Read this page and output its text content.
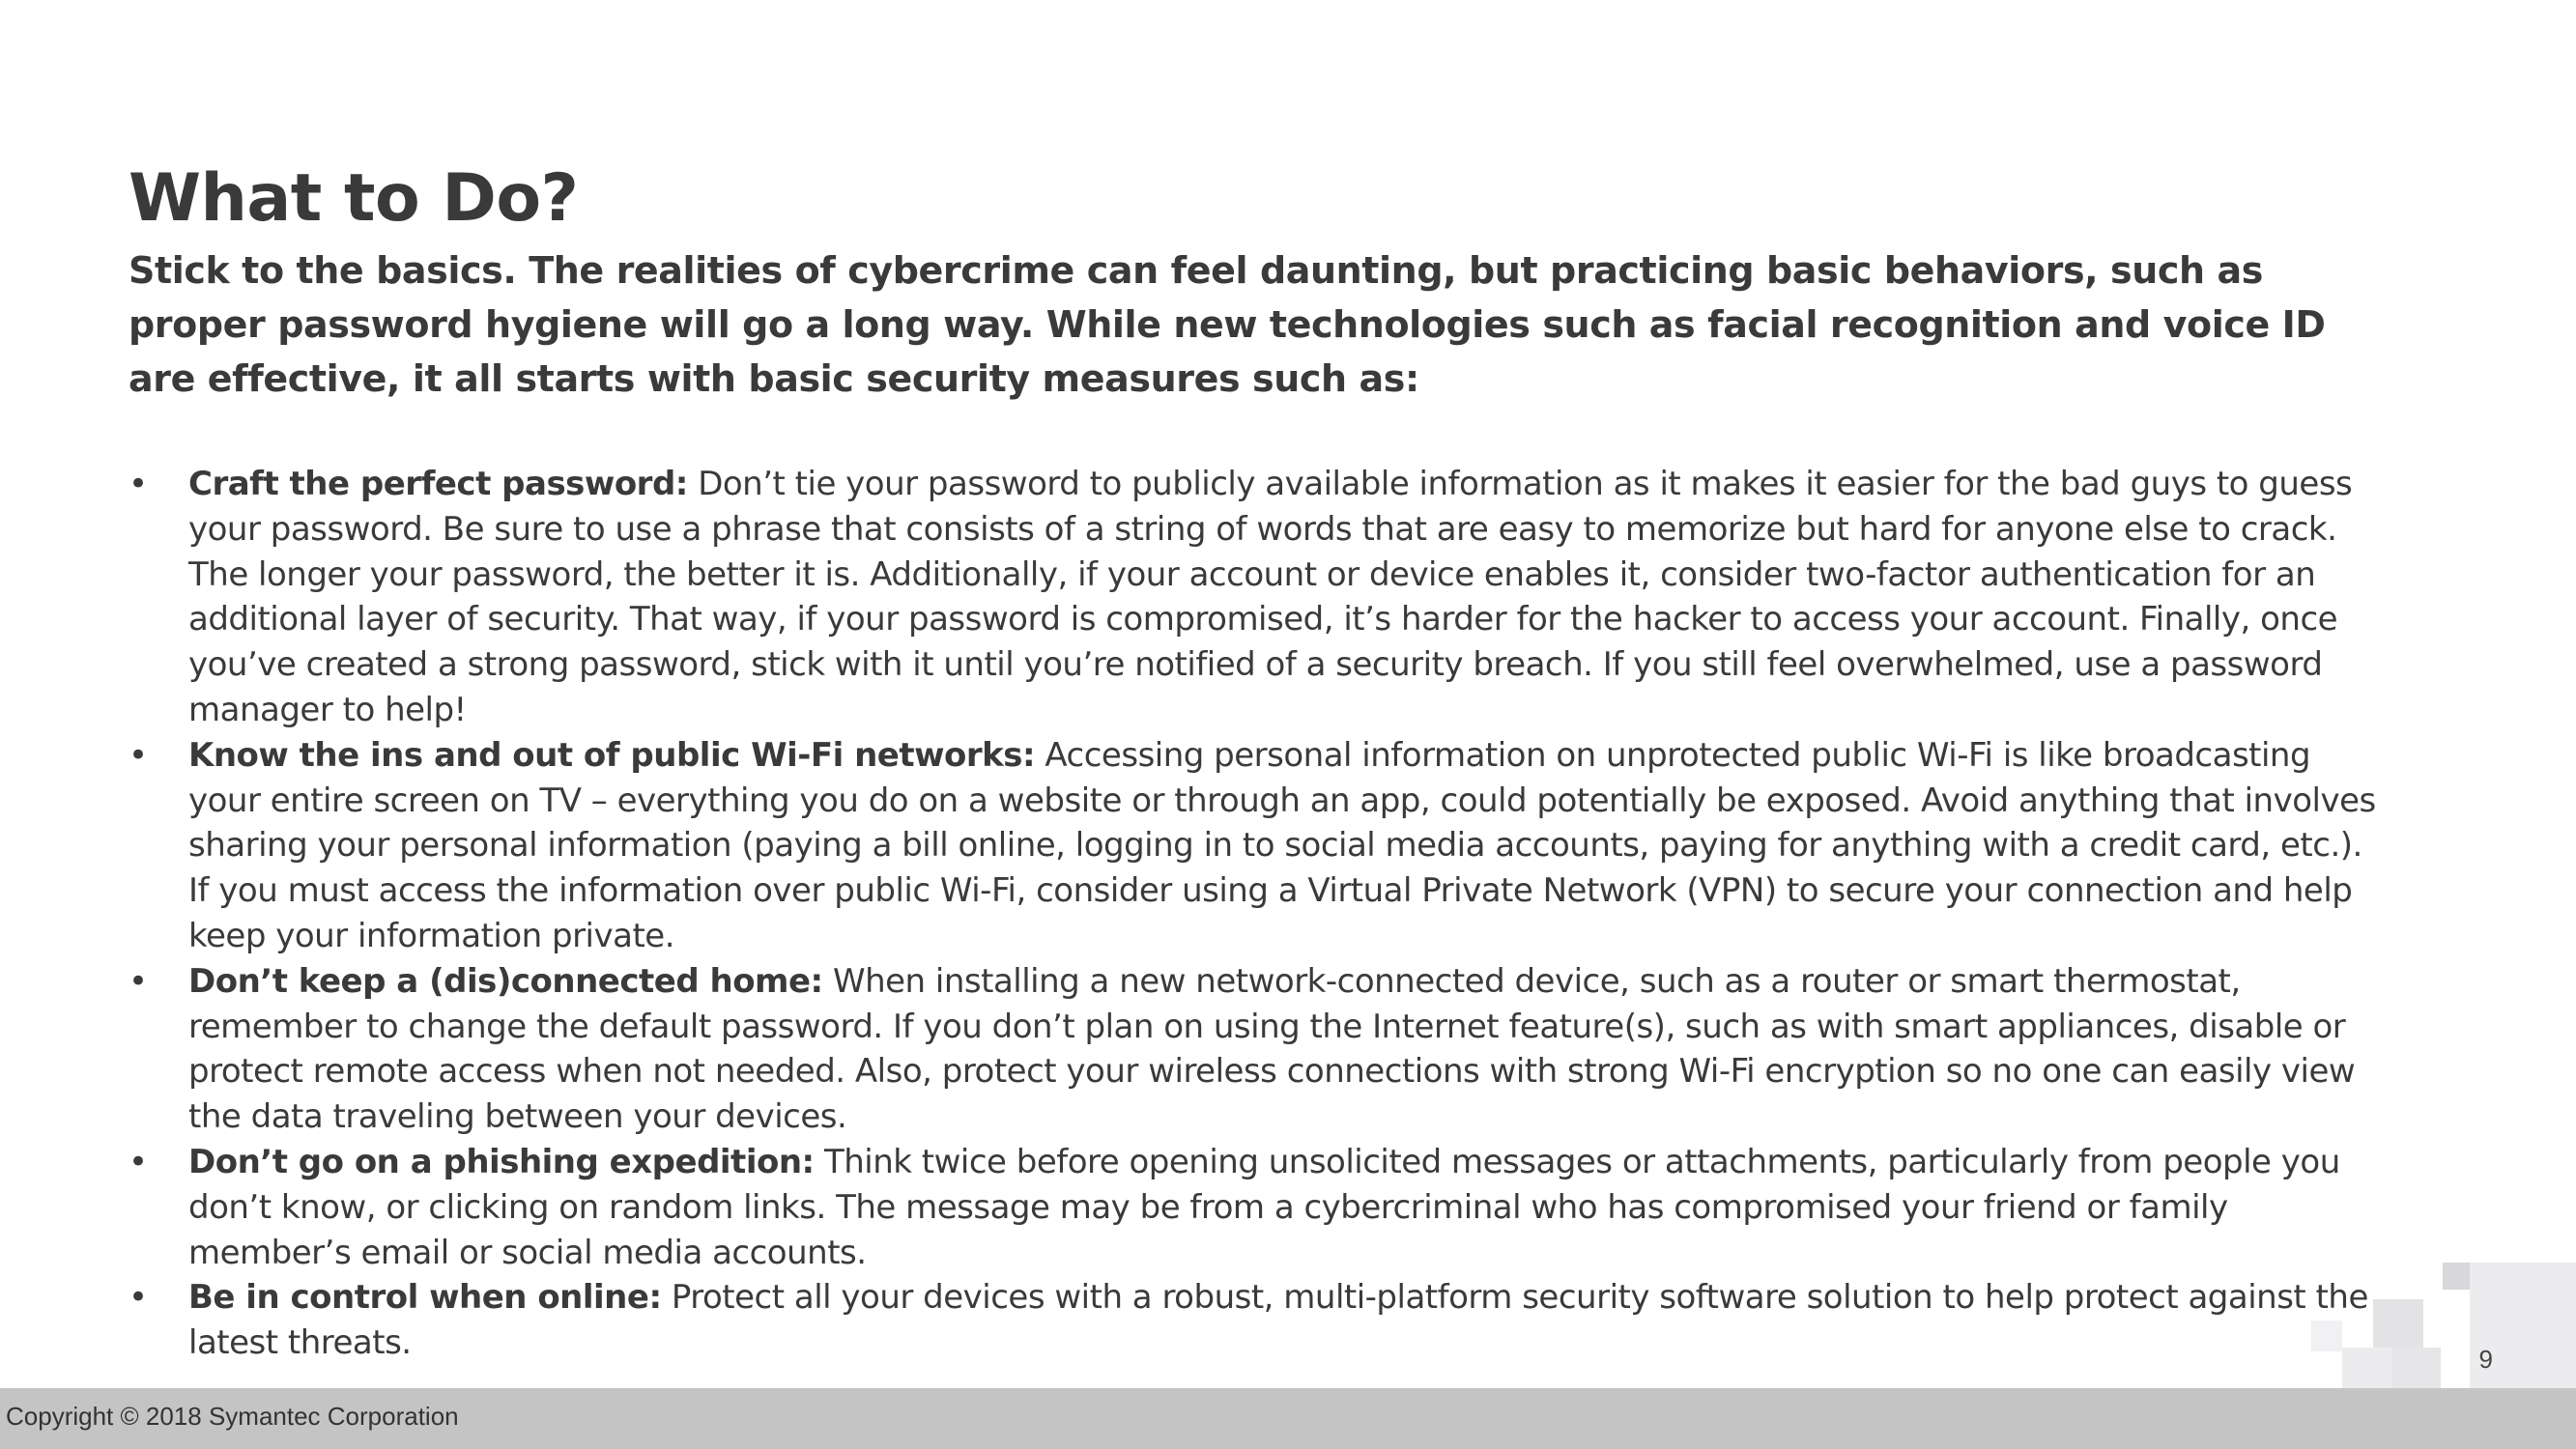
What to Do?

Stick to the basics. The realities of cybercrime can feel daunting, but practicing basic behaviors, such as proper password hygiene will go a long way. While new technologies such as facial recognition and voice ID are effective, it all starts with basic security measures such as:

•	Craft the perfect password: Don’t tie your password to publicly available information as it makes it easier for the bad guys to guess your password. Be sure to use a phrase that consists of a string of words that are easy to memorize but hard for anyone else to crack. The longer your password, the better it is. Additionally, if your account or device enables it, consider two-factor authentication for an additional layer of security. That way, if your password is compromised, it’s harder for the hacker to access your account. Finally, once you’ve created a strong password, stick with it until you’re notified of a security breach. If you still feel overwhelmed, use a password manager to help!
•	Know the ins and out of public Wi-Fi networks: Accessing personal information on unprotected public Wi-Fi is like broadcasting your entire screen on TV – everything you do on a website or through an app, could potentially be exposed. Avoid anything that involves sharing your personal information (paying a bill online, logging in to social media accounts, paying for anything with a credit card, etc.). If you must access the information over public Wi-Fi, consider using a Virtual Private Network (VPN) to secure your connection and help keep your information private.
•	Don’t keep a (dis)connected home: When installing a new network-connected device, such as a router or smart thermostat, remember to change the default password. If you don’t plan on using the Internet feature(s), such as with smart appliances, disable or protect remote access when not needed. Also, protect your wireless connections with strong Wi-Fi encryption so no one can easily view the data traveling between your devices.
•	Don’t go on a phishing expedition: Think twice before opening unsolicited messages or attachments, particularly from people you don’t know, or clicking on random links. The message may be from a cybercriminal who has compromised your friend or family member’s email or social media accounts.
•	Be in control when online: Protect all your devices with a robust, multi-platform security software solution to help protect against the latest threats.	9
Copyright © 2018 Symantec Corporation
